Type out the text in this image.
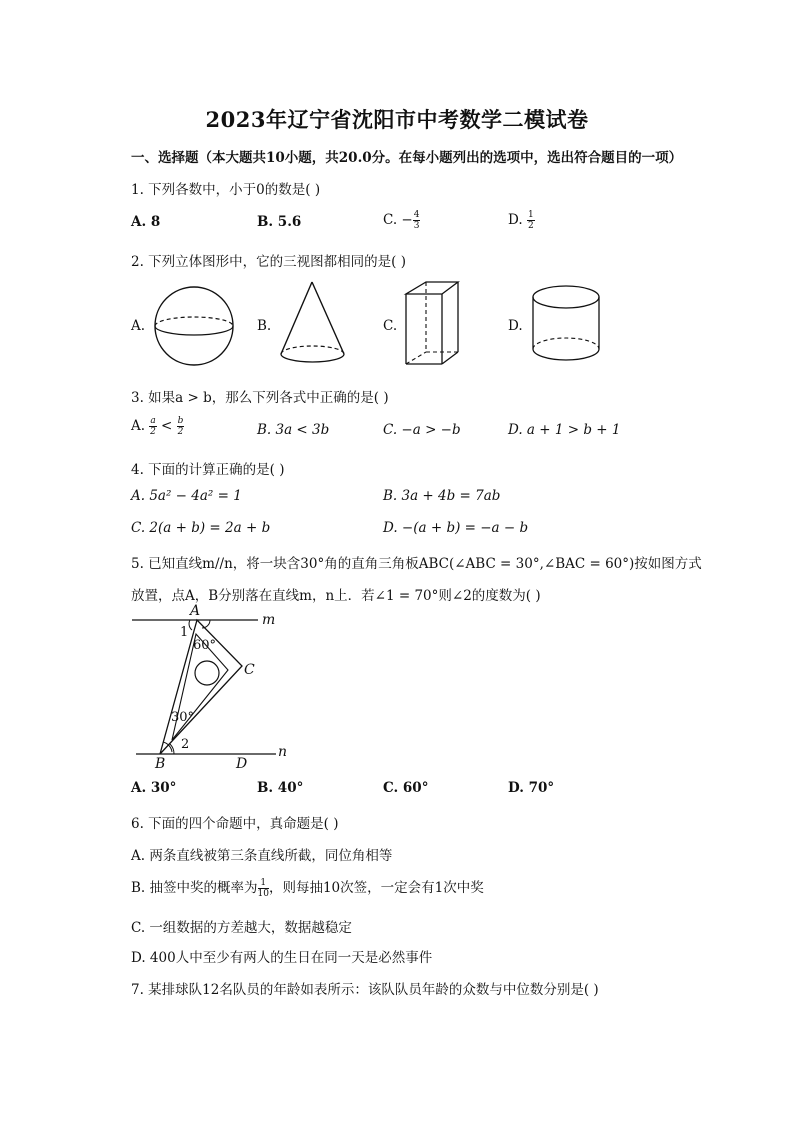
2023年辽宁省沈阳市中考数学二模试卷
一、选择题（本大题共10小题，共20.0分。在每小题列出的选项中，选出符合题目的一项）
1. 下列各数中，小于0的数是( )
A. 8	B. 5.6	C. − $\frac{4}{3}$	D. $\frac{1}{2}$
2. 下列立体图形中，它的三视图都相同的是( )
A.	B.	C.	D.
3. 如果a > b，那么下列各式中正确的是( )
A. $\frac{a}{2} < \frac{b}{2}$	B. 3a < 3b	C. −a > −b	D. a + 1 > b + 1
4. 下面的计算正确的是( )
A. 5a² − 4a² = 1	B. 3a + 4b = 7ab
C. 2(a + b) = 2a + b	D. −(a + b) = −a − b
5. 已知直线m//n，将一块含30°角的直角三角板ABC(∠ABC = 30°,∠BAC = 60°)按如图方式
放置，点A，B分别落在直线m，n上．若∠1 = 70°则∠2的度数为( )
A
m
1
60°
C
30°
2	n
B	D
A. 30°	B. 40°	C. 60°	D. 70°
6. 下面的四个命题中，真命题是( )
A. 两条直线被第三条直线所截，同位角相等
B. 抽签中奖的概率为 $\frac{1}{10}$ ，则每抽10次签，一定会有1次中奖
C. 一组数据的方差越大，数据越稳定
D. 400人中至少有两人的生日在同一天是必然事件
7. 某排球队12名队员的年龄如表所示：该队队员年龄的众数与中位数分别是( )
